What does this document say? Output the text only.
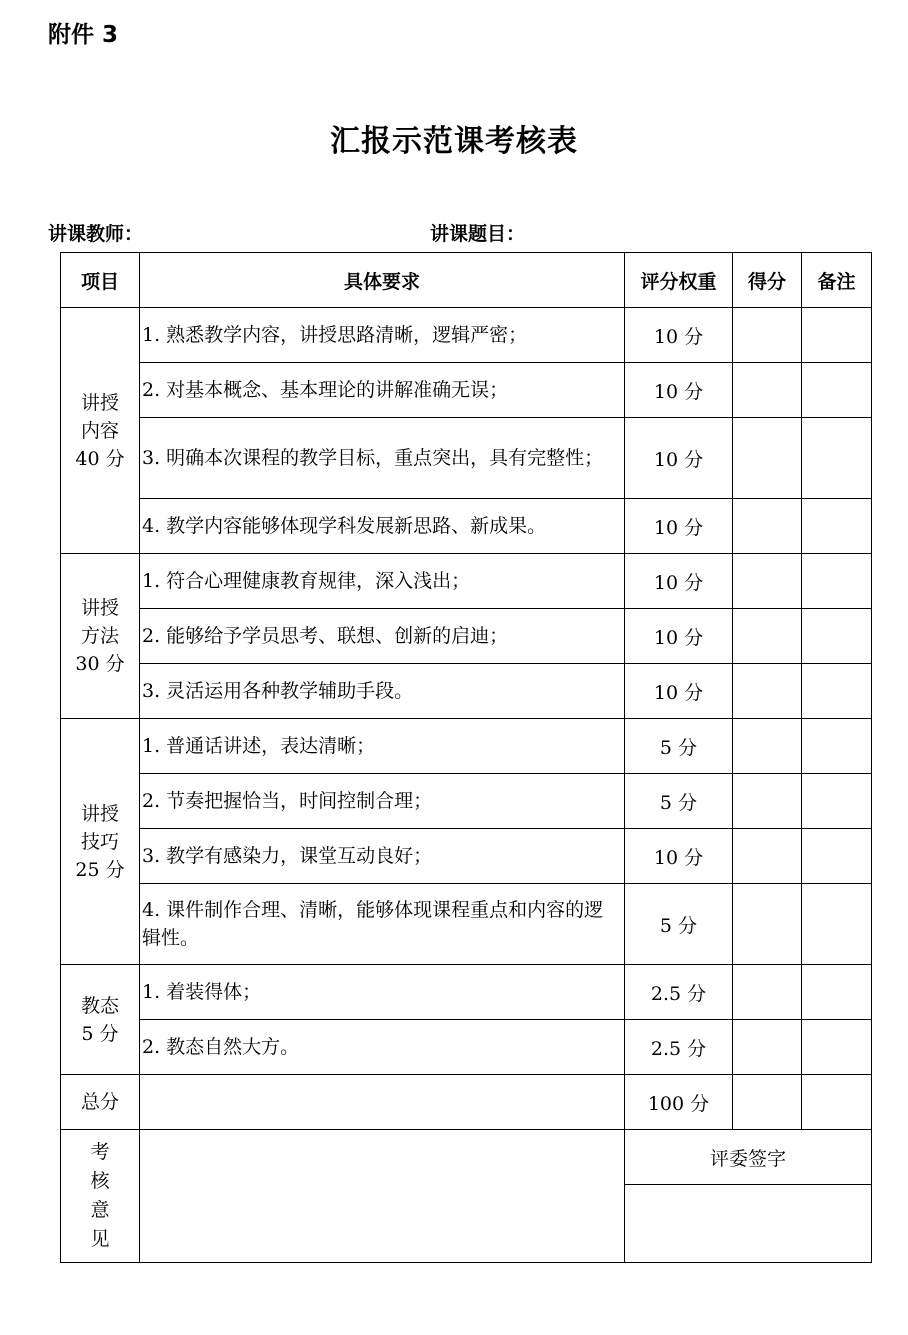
附件 3
汇报示范课考核表
讲课教师：	讲课题目：
项目	具体要求	评分权重	得分	备注

讲授
内容
40 分	1. 熟悉教学内容，讲授思路清晰，逻辑严密；	10 分		
	2. 对基本概念、基本理论的讲解准确无误；	10 分		
	3. 明确本次课程的教学目标，重点突出，具有完整性；	10 分		
	4. 教学内容能够体现学科发展新思路、新成果。	10 分		

讲授
方法
30 分	1. 符合心理健康教育规律，深入浅出；	10 分		
	2. 能够给予学员思考、联想、创新的启迪；	10 分		
	3. 灵活运用各种教学辅助手段。	10 分		

讲授
技巧
25 分	1. 普通话讲述，表达清晰；	5 分		
	2. 节奏把握恰当，时间控制合理；	5 分		
	3. 教学有感染力，课堂互动良好；	10 分		
	4. 课件制作合理、清晰，能够体现课程重点和内容的逻辑性。	5 分		

教态
5 分	1. 着装得体；	2.5 分		
	2. 教态自然大方。	2.5 分		
总分		100 分		

考
核
意
见		评委签字		
